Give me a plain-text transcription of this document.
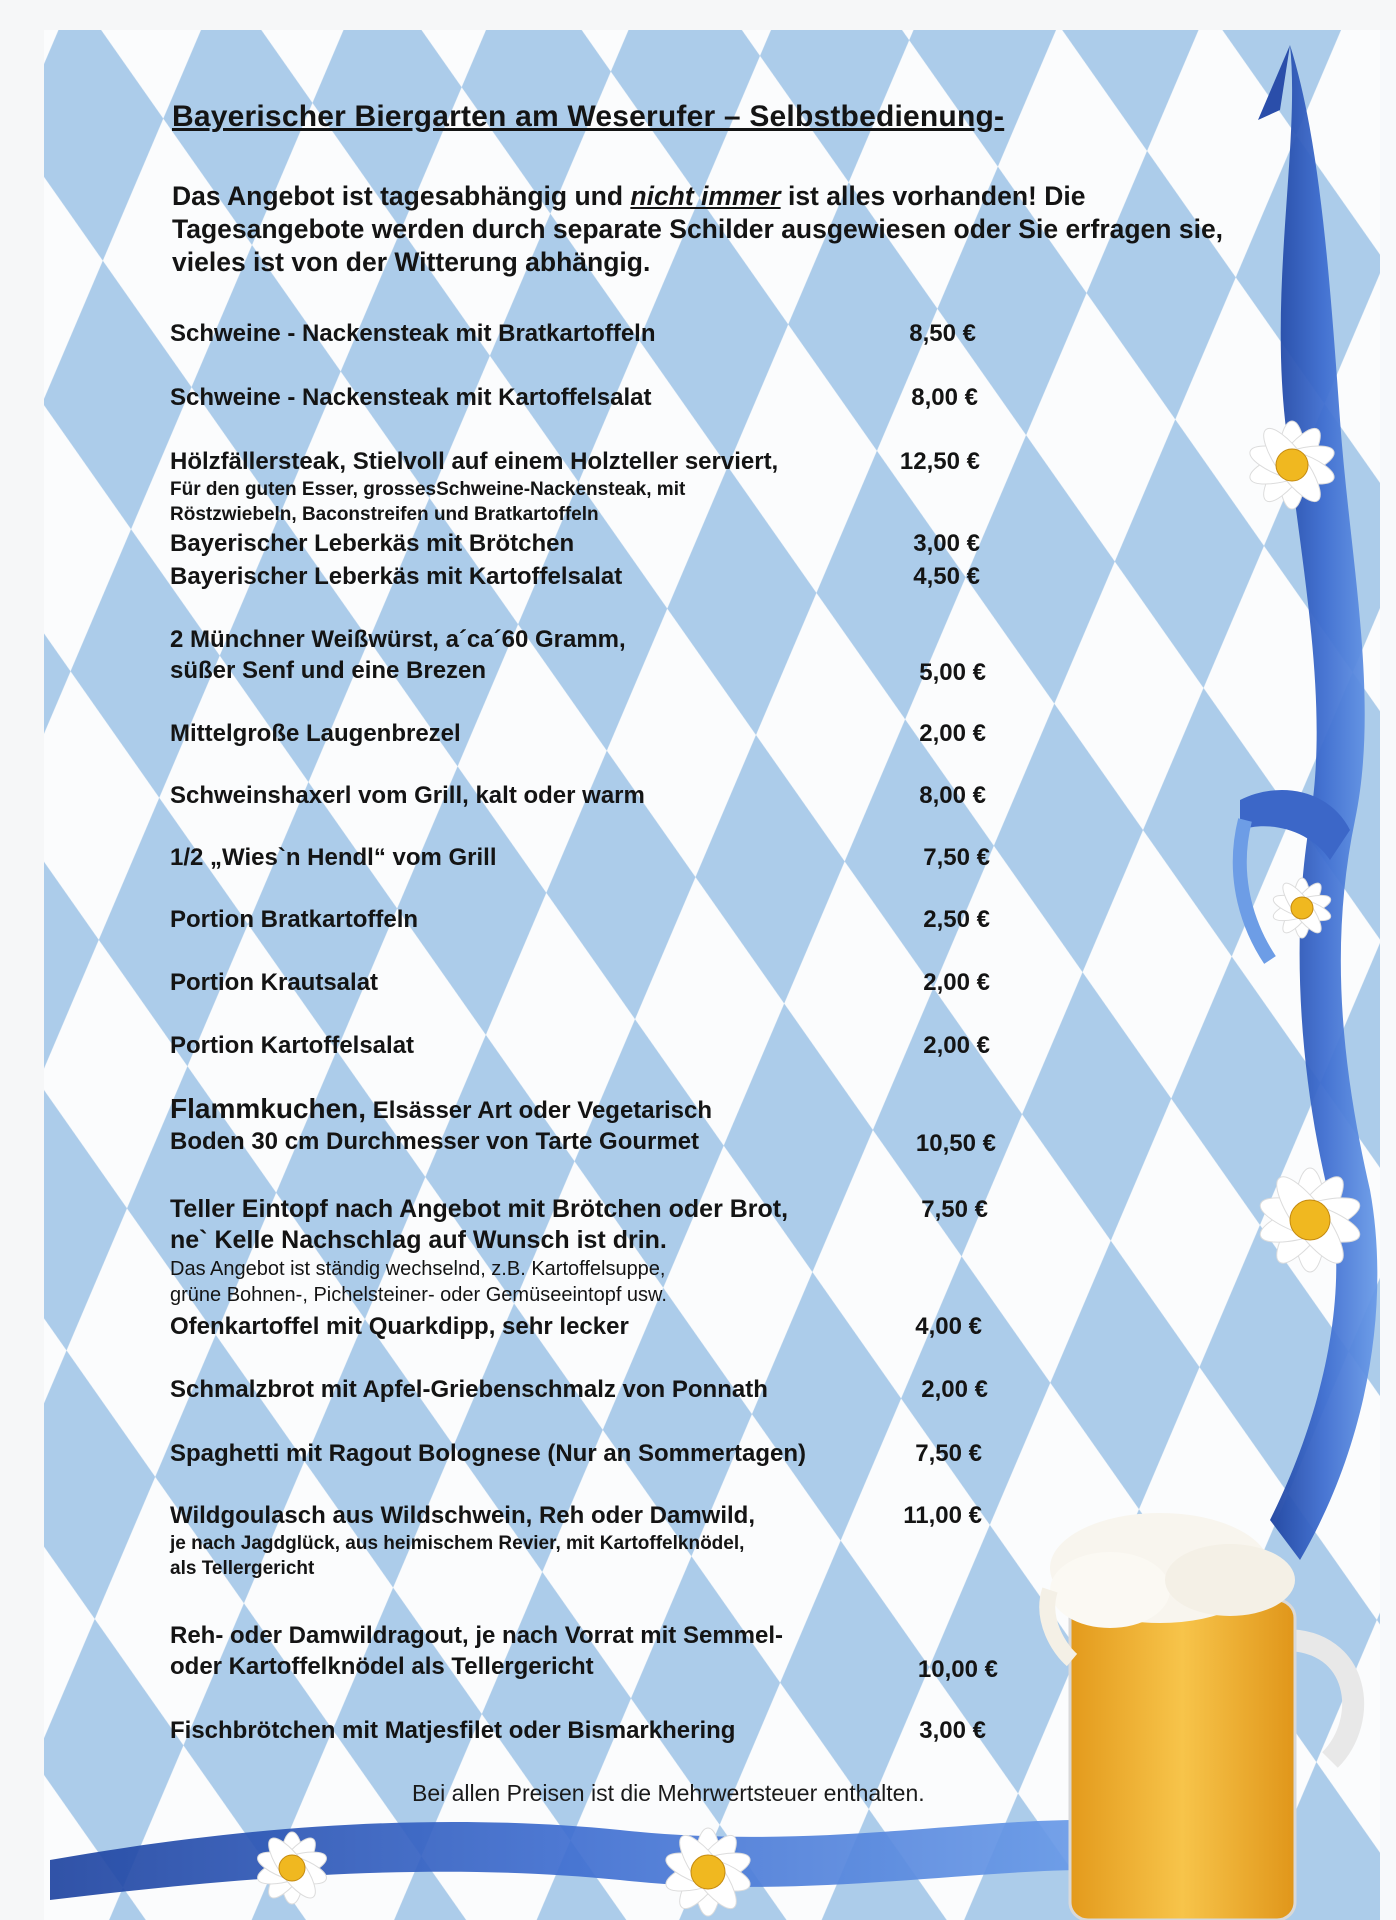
Bayerischer Biergarten am Weserufer – Selbstbedienung-
Das Angebot ist tagesabhängig und nicht immer ist alles vorhanden! Die Tagesangebote werden durch separate Schilder ausgewiesen oder Sie erfragen sie, vieles ist von der Witterung abhängig.
Schweine - Nackensteak mit Bratkartoffeln	8,50 €
Schweine - Nackensteak mit Kartoffelsalat	8,00 €
Hölzfällersteak, Stielvoll auf einem Holzteller serviert,
Für den guten Esser, grossesSchweine-Nackensteak, mit
Röstzwiebeln, Baconstreifen und Bratkartoffeln
12,50 €
Bayerischer Leberkäs mit Brötchen	3,00 €
Bayerischer Leberkäs mit Kartoffelsalat	4,50 €
2 Münchner Weißwürst, a´ca´60 Gramm,
süßer Senf und eine Brezen	5,00 €
Mittelgroße Laugenbrezel	2,00 €
Schweinshaxerl vom Grill, kalt oder warm	8,00 €
1/2 „Wies`n Hendl“ vom Grill	7,50 €
Portion Bratkartoffeln	2,50 €
Portion Krautsalat	2,00 €
Portion Kartoffelsalat	2,00 €
Flammkuchen, Elsässer Art oder Vegetarisch
Boden 30 cm Durchmesser von Tarte Gourmet	10,50 €
Teller Eintopf nach Angebot mit Brötchen oder Brot,
ne` Kelle Nachschlag auf Wunsch ist drin.
Das Angebot ist ständig wechselnd, z.B. Kartoffelsuppe,
grüne Bohnen-, Pichelsteiner- oder Gemüseeintopf usw.
7,50 €
Ofenkartoffel mit Quarkdipp, sehr lecker	4,00 €
Schmalzbrot mit Apfel-Griebenschmalz von Ponnath	2,00 €
Spaghetti mit Ragout Bolognese (Nur an Sommertagen)	7,50 €
Wildgoulasch aus Wildschwein, Reh oder Damwild,
je nach Jagdglück, aus heimischem Revier, mit Kartoffelknödel,
als Tellergericht
11,00 €
Reh- oder Damwildragout, je nach Vorrat mit Semmel-
oder Kartoffelknödel als Tellergericht	10,00 €
Fischbrötchen mit Matjesfilet oder Bismarkhering	3,00 €
Bei allen Preisen ist die Mehrwertsteuer enthalten.
